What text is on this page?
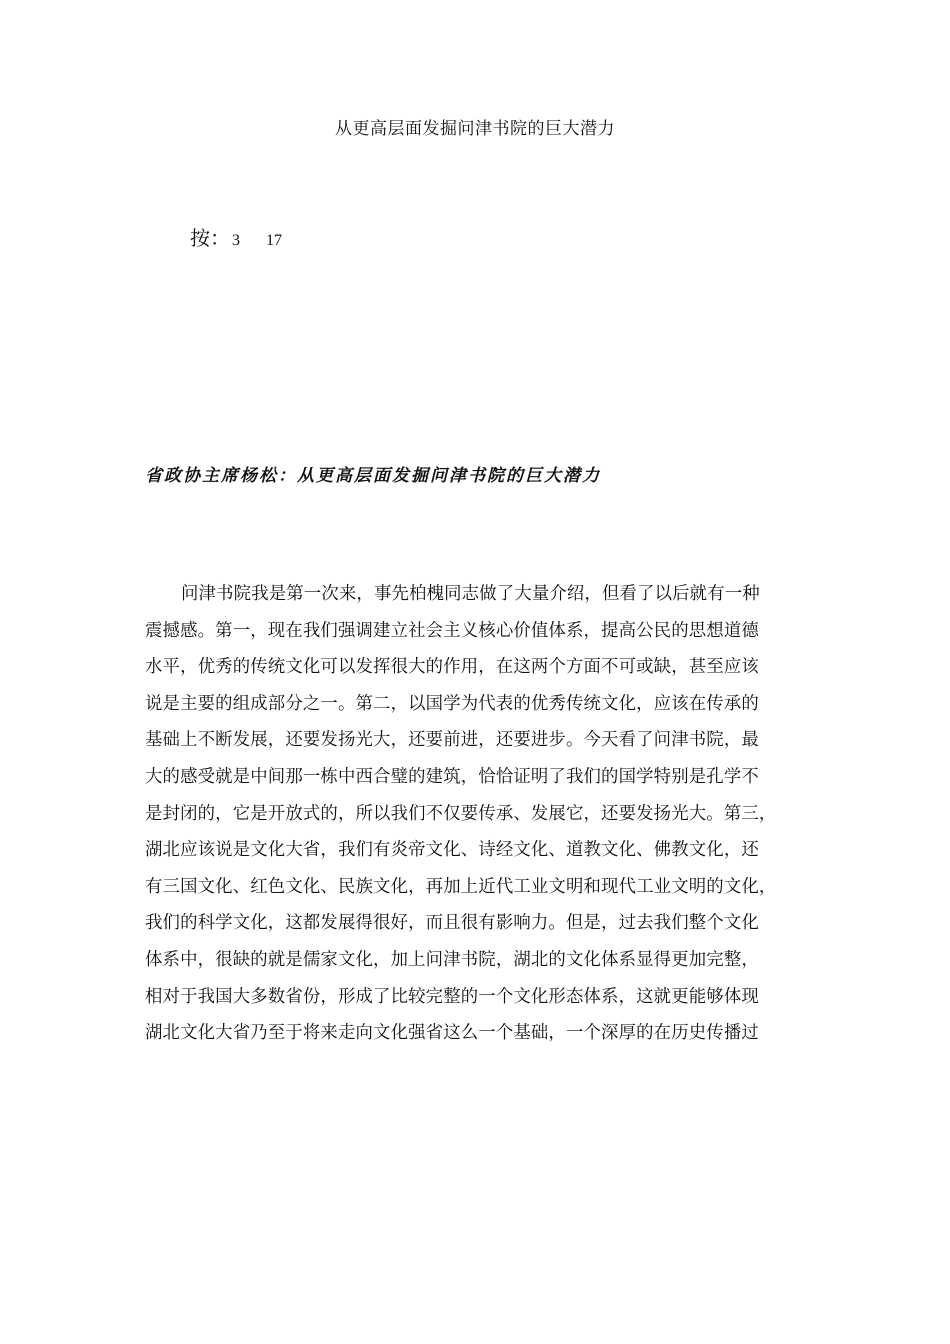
从更高层面发掘问津书院的巨大潜力
按： 3 17
省政协主席杨松：从更高层面发掘问津书院的巨大潜力
问津书院我是第一次来，事先柏槐同志做了大量介绍，但看了以后就有一种
震撼感。第一，现在我们强调建立社会主义核心价值体系，提高公民的思想道德
水平，优秀的传统文化可以发挥很大的作用，在这两个方面不可或缺，甚至应该
说是主要的组成部分之一。第二，以国学为代表的优秀传统文化，应该在传承的
基础上不断发展，还要发扬光大，还要前进，还要进步。今天看了问津书院，最
大的感受就是中间那一栋中西合璧的建筑，恰恰证明了我们的国学特别是孔学不
是封闭的，它是开放式的，所以我们不仅要传承、发展它，还要发扬光大。第三，
湖北应该说是文化大省，我们有炎帝文化、诗经文化、道教文化、佛教文化，还
有三国文化、红色文化、民族文化，再加上近代工业文明和现代工业文明的文化，
我们的科学文化，这都发展得很好，而且很有影响力。但是，过去我们整个文化
体系中，很缺的就是儒家文化，加上问津书院，湖北的文化体系显得更加完整，
相对于我国大多数省份，形成了比较完整的一个文化形态体系，这就更能够体现
湖北文化大省乃至于将来走向文化强省这么一个基础，一个深厚的在历史传播过
